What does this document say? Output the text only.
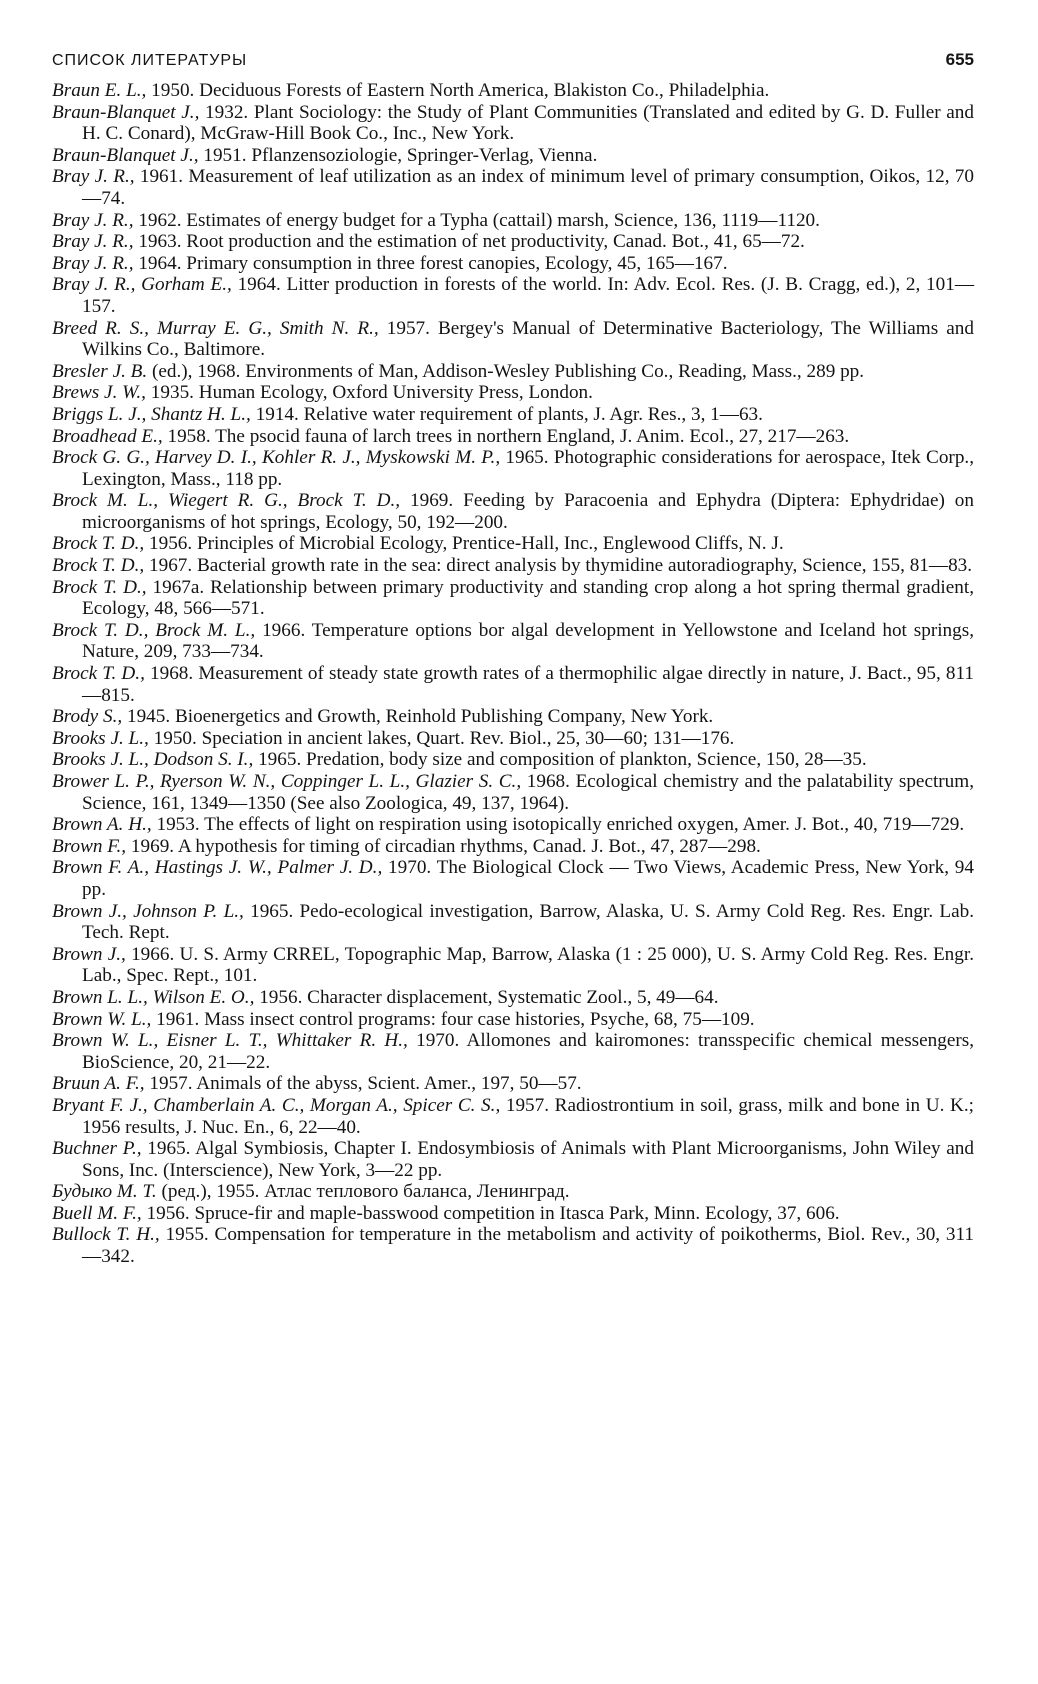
СПИСОК ЛИТЕРАТУРЫ	655
Braun E. L., 1950. Deciduous Forests of Eastern North America, Blakiston Co., Philadelphia.
Braun-Blanquet J., 1932. Plant Sociology: the Study of Plant Communities (Translated and edited by G. D. Fuller and H. C. Conard), McGraw-Hill Book Co., Inc., New York.
Braun-Blanquet J., 1951. Pflanzensoziologie, Springer-Verlag, Vienna.
Bray J. R., 1961. Measurement of leaf utilization as an index of minimum level of primary consumption, Oikos, 12, 70—74.
Bray J. R., 1962. Estimates of energy budget for a Typha (cattail) marsh, Science, 136, 1119—1120.
Bray J. R., 1963. Root production and the estimation of net productivity, Canad. Bot., 41, 65—72.
Bray J. R., 1964. Primary consumption in three forest canopies, Ecology, 45, 165—167.
Bray J. R., Gorham E., 1964. Litter production in forests of the world. In: Adv. Ecol. Res. (J. B. Cragg, ed.), 2, 101—157.
Breed R. S., Murray E. G., Smith N. R., 1957. Bergey's Manual of Determinative Bacteriology, The Williams and Wilkins Co., Baltimore.
Bresler J. B. (ed.), 1968. Environments of Man, Addison-Wesley Publishing Co., Reading, Mass., 289 pp.
Brews J. W., 1935. Human Ecology, Oxford University Press, London.
Briggs L. J., Shantz H. L., 1914. Relative water requirement of plants, J. Agr. Res., 3, 1—63.
Broadhead E., 1958. The psocid fauna of larch trees in northern England, J. Anim. Ecol., 27, 217—263.
Brock G. G., Harvey D. I., Kohler R. J., Myskowski M. P., 1965. Photographic considerations for aerospace, Itek Corp., Lexington, Mass., 118 pp.
Brock M. L., Wiegert R. G., Brock T. D., 1969. Feeding by Paracoenia and Ephydra (Diptera: Ephydridae) on microorganisms of hot springs, Ecology, 50, 192—200.
Brock T. D., 1956. Principles of Microbial Ecology, Prentice-Hall, Inc., Englewood Cliffs, N. J.
Brock T. D., 1967. Bacterial growth rate in the sea: direct analysis by thymidine autoradiography, Science, 155, 81—83.
Brock T. D., 1967a. Relationship between primary productivity and standing crop along a hot spring thermal gradient, Ecology, 48, 566—571.
Brock T. D., Brock M. L., 1966. Temperature options bor algal development in Yellowstone and Iceland hot springs, Nature, 209, 733—734.
Brock T. D., 1968. Measurement of steady state growth rates of a thermophilic algae directly in nature, J. Bact., 95, 811—815.
Brody S., 1945. Bioenergetics and Growth, Reinhold Publishing Company, New York.
Brooks J. L., 1950. Speciation in ancient lakes, Quart. Rev. Biol., 25, 30—60; 131—176.
Brooks J. L., Dodson S. I., 1965. Predation, body size and composition of plankton, Science, 150, 28—35.
Brower L. P., Ryerson W. N., Coppinger L. L., Glazier S. C., 1968. Ecological chemistry and the palatability spectrum, Science, 161, 1349—1350 (See also Zoologica, 49, 137, 1964).
Brown A. H., 1953. The effects of light on respiration using isotopically enriched oxygen, Amer. J. Bot., 40, 719—729.
Brown F., 1969. A hypothesis for timing of circadian rhythms, Canad. J. Bot., 47, 287—298.
Brown F. A., Hastings J. W., Palmer J. D., 1970. The Biological Clock — Two Views, Academic Press, New York, 94 pp.
Brown J., Johnson P. L., 1965. Pedo-ecological investigation, Barrow, Alaska, U. S. Army Cold Reg. Res. Engr. Lab. Tech. Rept.
Brown J., 1966. U. S. Army CRREL, Topographic Map, Barrow, Alaska (1 : 25 000), U. S. Army Cold Reg. Res. Engr. Lab., Spec. Rept., 101.
Brown L. L., Wilson E. O., 1956. Character displacement, Systematic Zool., 5, 49—64.
Brown W. L., 1961. Mass insect control programs: four case histories, Psyche, 68, 75—109.
Brown W. L., Eisner L. T., Whittaker R. H., 1970. Allomones and kairomones: transspecific chemical messengers, BioScience, 20, 21—22.
Bruun A. F., 1957. Animals of the abyss, Scient. Amer., 197, 50—57.
Bryant F. J., Chamberlain A. C., Morgan A., Spicer C. S., 1957. Radiostrontium in soil, grass, milk and bone in U. K.; 1956 results, J. Nuc. En., 6, 22—40.
Buchner P., 1965. Algal Symbiosis, Chapter I. Endosymbiosis of Animals with Plant Microorganisms, John Wiley and Sons, Inc. (Interscience), New York, 3—22 pp.
Будыко М. Т. (ред.), 1955. Атлас теплового баланса, Ленинград.
Buell M. F., 1956. Spruce-fir and maple-basswood competition in Itasca Park, Minn. Ecology, 37, 606.
Bullock T. H., 1955. Compensation for temperature in the metabolism and activity of poikotherms, Biol. Rev., 30, 311—342.
